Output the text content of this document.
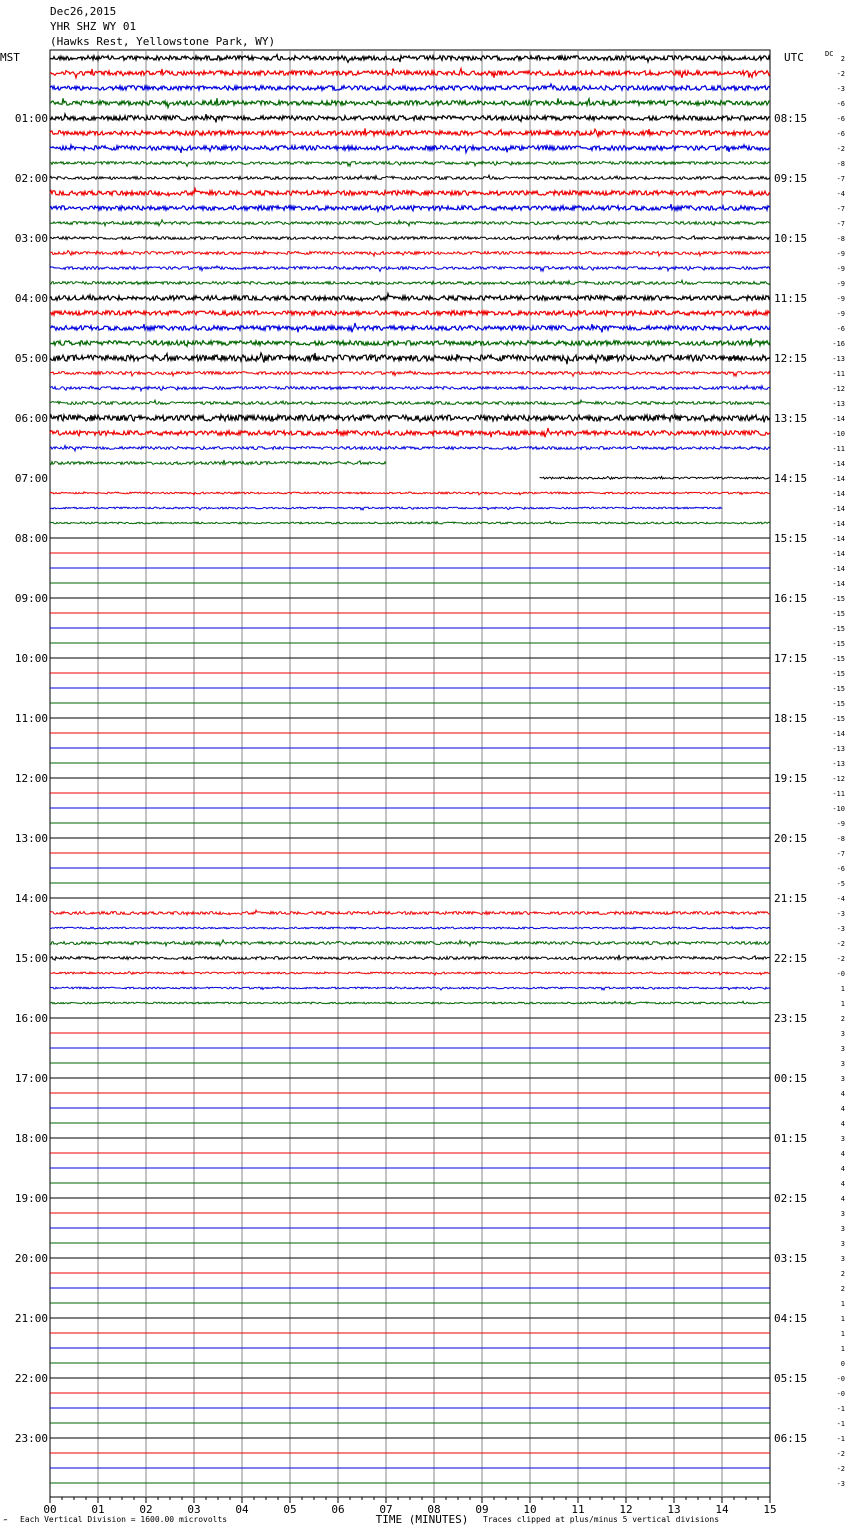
Dec26,2015
YHR SHZ WY 01
(Hawks Rest, Yellowstone Park, WY)
2
-2
-3
-6
-6
01:00	08:15
-6
-2
-8
-7
02:00	09:15
-4
-7
-7
-8
03:00	10:15
-9
-9
-9
-9
04:00	11:15
-9
-6
-16
-13
05:00	12:15
-11
-12
-13
-14
06:00	13:15
-10
-11
-14
-14
07:00	14:15
-14
-14
-14
-14
08:00	15:15
-14
-14
-14
-15
09:00	16:15
-15
-15
-15
-15
10:00	17:15
-15
-15
-15
-15
11:00	18:15
-14
-13
-13
-12
12:00	19:15
-11
-10
-9
-8
13:00	20:15
-7
-6
-5
-4
14:00	21:15
-3
-3
-2
-2
15:00	22:15
-0
1
1
2
16:00	23:15
3
3
3
3
17:00	00:15
4
4
4
3
18:00	01:15
4
4
4
4
19:00	02:15
3
3
3
3
20:00	03:15
2
2
1
1
21:00	04:15
1
1
0
-0
22:00	05:15
-0
-1
-1
-1
23:00	06:15
-2
-2
-3
MST	UTC	DC
00	01	02	03	04	05	06	07	08	09	10	11	12	13	14	15
TIME (MINUTES)
‴ Each Vertical Division = 1600.00 microvolts	Traces clipped at plus/minus 5 vertical divisions
